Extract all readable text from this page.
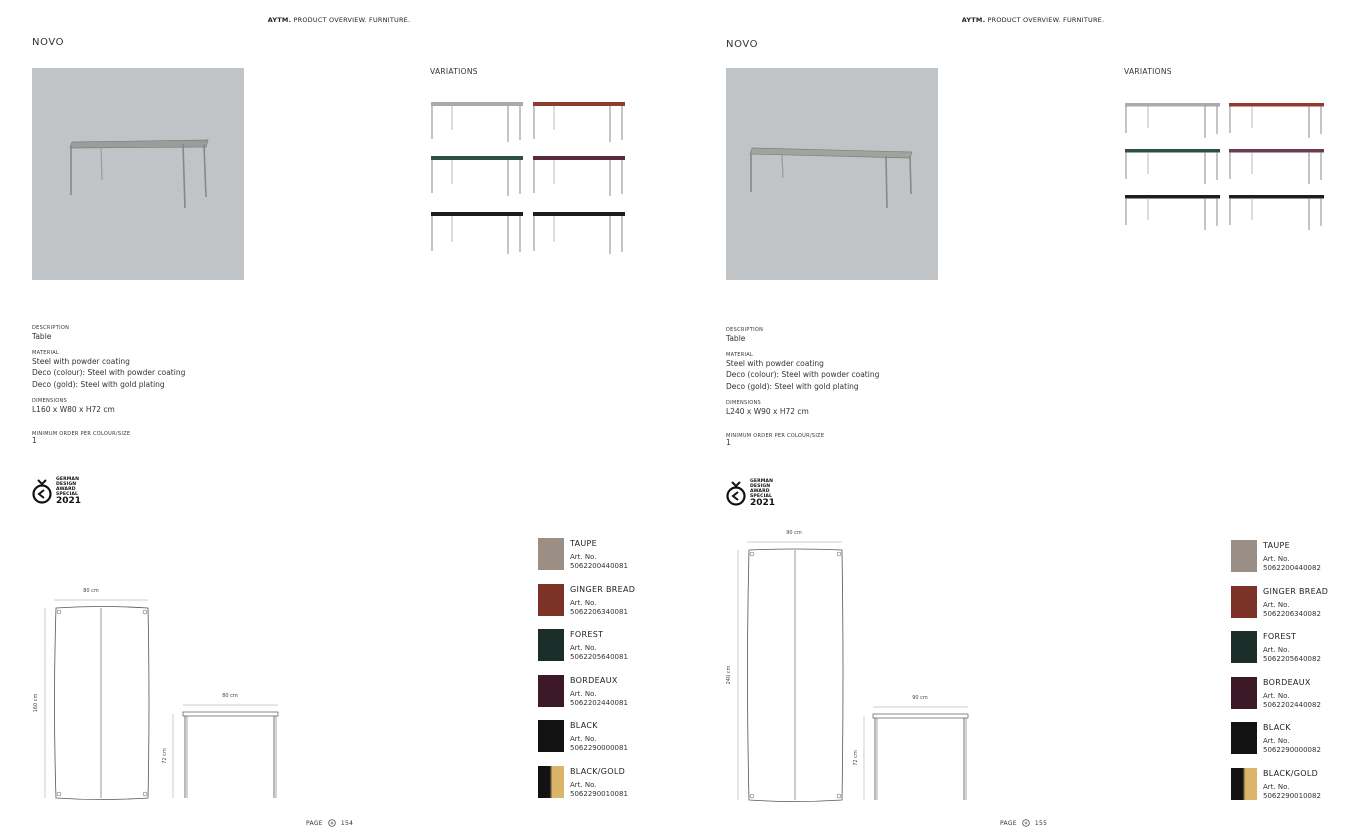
AYTM. PRODUCT OVERVIEW. FURNITURE.
NOVO
VARIATIONS
DESCRIPTION
Table
MATERIAL
Steel with powder coating
Deco (colour): Steel with powder coating
Deco (gold): Steel with gold plating
DIMENSIONS
L160 x W80 x H72 cm
MINIMUM ORDER PER COLOUR/SIZE
1
GERMAN
DESIGN
AWARD
SPECIAL
2021
80 cm
160 cm	80 cm
72 cm
TAUPE
Art. No.
5062200440081
GINGER BREAD
Art. No.
5062206340081
FOREST
Art. No.
5062205640081
BORDEAUX
Art. No.
5062202440081
BLACK
Art. No.
5062290000081
BLACK/GOLD
Art. No.
5062290010081
PAGE	154
AYTM. PRODUCT OVERVIEW. FURNITURE.
NOVO
VARIATIONS
DESCRIPTION
Table
MATERIAL
Steel with powder coating
Deco (colour): Steel with powder coating
Deco (gold): Steel with gold plating
DIMENSIONS
L240 x W90 x H72 cm
MINIMUM ORDER PER COLOUR/SIZE
1
GERMAN
DESIGN
AWARD
SPECIAL
2021
90 cm
240 cm
90 cm
72 cm
TAUPE
Art. No.
5062200440082
GINGER BREAD
Art. No.
5062206340082
FOREST
Art. No.
5062205640082
BORDEAUX
Art. No.
5062202440082
BLACK
Art. No.
5062290000082
BLACK/GOLD
Art. No.
5062290010082
PAGE	155
